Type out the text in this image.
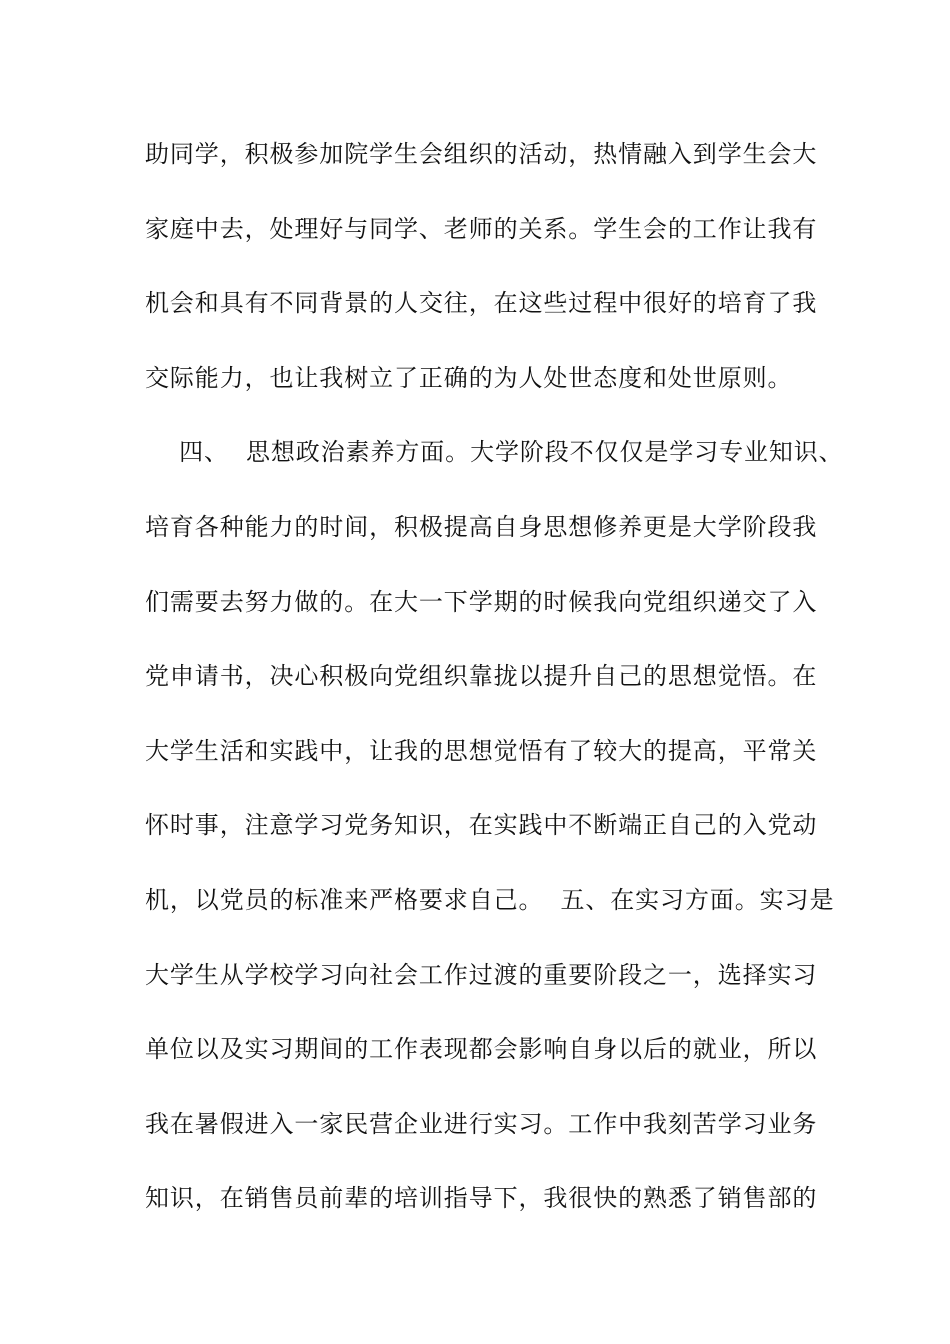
助同学，积极参加院学生会组织的活动，热情融入到学生会大
家庭中去，处理好与同学、老师的关系。学生会的工作让我有
机会和具有不同背景的人交往，在这些过程中很好的培育了我
交际能力，也让我树立了正确的为人处世态度和处世原则。
四、  思想政治素养方面。大学阶段不仅仅是学习专业知识、
培育各种能力的时间，积极提高自身思想修养更是大学阶段我
们需要去努力做的。在大一下学期的时候我向党组织递交了入
党申请书，决心积极向党组织靠拢以提升自己的思想觉悟。在
大学生活和实践中，让我的思想觉悟有了较大的提高，平常关
怀时事，注意学习党务知识，在实践中不断端正自己的入党动
机，以党员的标准来严格要求自己。  五、在实习方面。实习是
大学生从学校学习向社会工作过渡的重要阶段之一，选择实习
单位以及实习期间的工作表现都会影响自身以后的就业，所以
我在暑假进入一家民营企业进行实习。工作中我刻苦学习业务
知识，在销售员前辈的培训指导下，我很快的熟悉了销售部的
